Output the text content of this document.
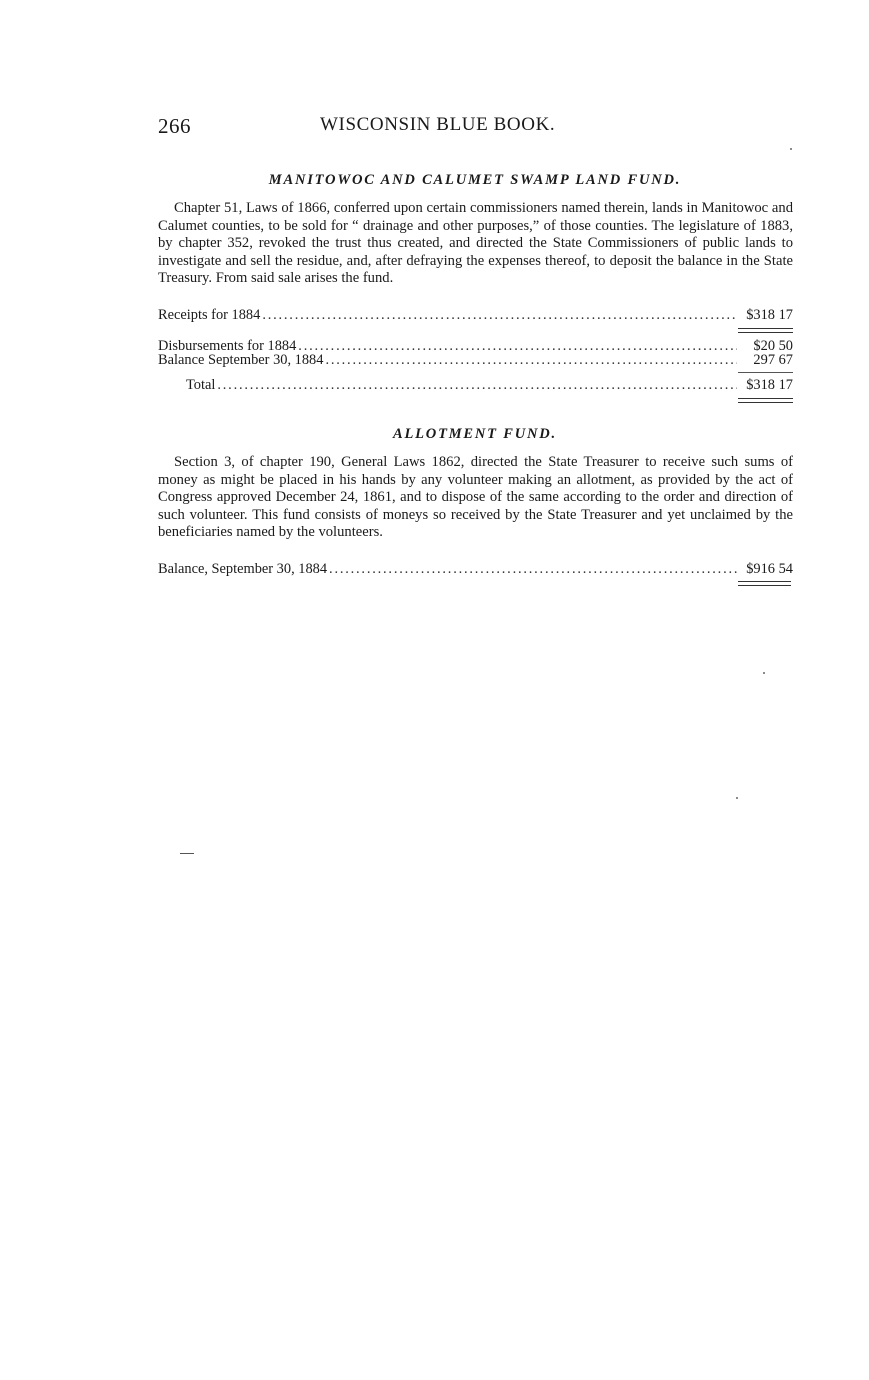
266	WISCONSIN BLUE BOOK.
MANITOWOC AND CALUMET SWAMP LAND FUND.

Chapter 51, Laws of 1866, conferred upon certain commissioners named therein, lands in Manitowoc and Calumet counties, to be sold for “ drainage and other purposes,” of those counties. The legislature of 1883, by chapter 352, revoked the trust thus created, and directed the State Commissioners of public lands to investigate and sell the residue, and, after defraying the expenses thereof, to deposit the balance in the State Treasury. From said sale arises the fund.

Receipts for 1884 .....	$318 17
Disbursements for 1884 .....	$20 50
Balance September 30, 1884 .....	297 67
Total .....	$318 17
ALLOTMENT FUND.

Section 3, of chapter 190, General Laws 1862, directed the State Treasurer to receive such sums of money as might be placed in his hands by any volunteer making an allotment, as provided by the act of Congress approved December 24, 1861, and to dispose of the same according to the order and direction of such volunteer. This fund consists of moneys so received by the State Treasurer and yet unclaimed by the beneficiaries named by the volunteers.

Balance, September 30, 1884 .....	$916 54
